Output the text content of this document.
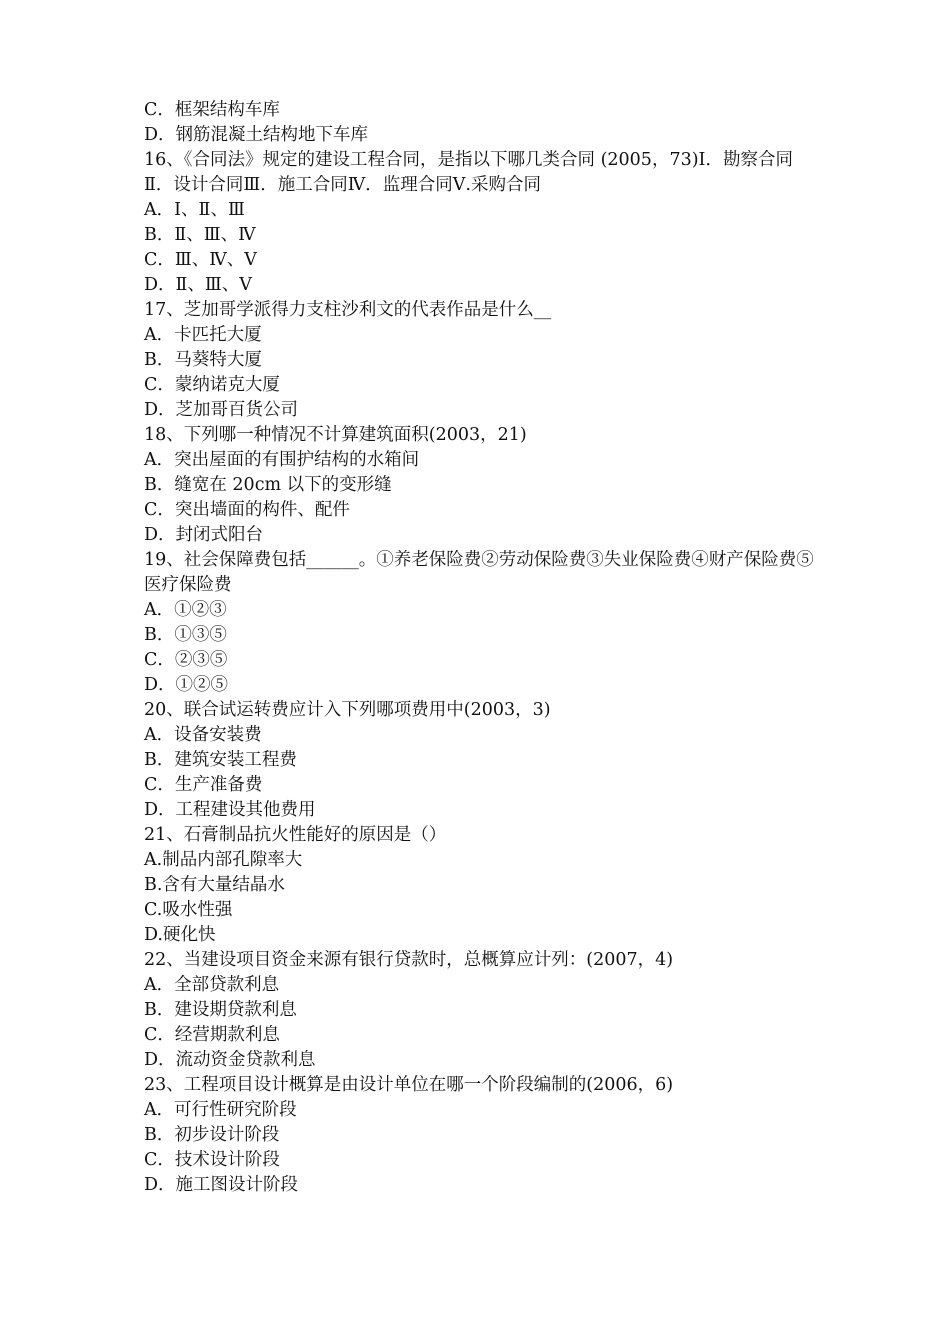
C．框架结构车库
D．钢筋混凝土结构地下车库
16、《合同法》规定的建设工程合同，是指以下哪几类合同 (2005，73)Ⅰ．勘察合同Ⅱ．设计合同Ⅲ．施工合同Ⅳ．监理合同Ⅴ.采购合同
A．Ⅰ、Ⅱ、Ⅲ
B．Ⅱ、Ⅲ、Ⅳ
C．Ⅲ、Ⅳ、Ⅴ
D．Ⅱ、Ⅲ、Ⅴ
17、芝加哥学派得力支柱沙利文的代表作品是什么__
A．卡匹托大厦
B．马葵特大厦
C．蒙纳诺克大厦
D．芝加哥百货公司
18、下列哪一种情况不计算建筑面积(2003，21)
A．突出屋面的有围护结构的水箱间
B．缝宽在 20cm 以下的变形缝
C．突出墙面的构件、配件
D．封闭式阳台
19、社会保障费包括______。①养老保险费②劳动保险费③失业保险费④财产保险费⑤医疗保险费
A．①②③
B．①③⑤
C．②③⑤
D．①②⑤
20、联合试运转费应计入下列哪项费用中(2003，3)
A．设备安装费
B．建筑安装工程费
C．生产准备费
D．工程建设其他费用
21、石膏制品抗火性能好的原因是（）
A.制品内部孔隙率大
B.含有大量结晶水
C.吸水性强
D.硬化快
22、当建设项目资金来源有银行贷款时，总概算应计列：(2007，4)
A．全部贷款利息
B．建设期贷款利息
C．经营期款利息
D．流动资金贷款利息
23、工程项目设计概算是由设计单位在哪一个阶段编制的(2006，6)
A．可行性研究阶段
B．初步设计阶段
C．技术设计阶段
D．施工图设计阶段
